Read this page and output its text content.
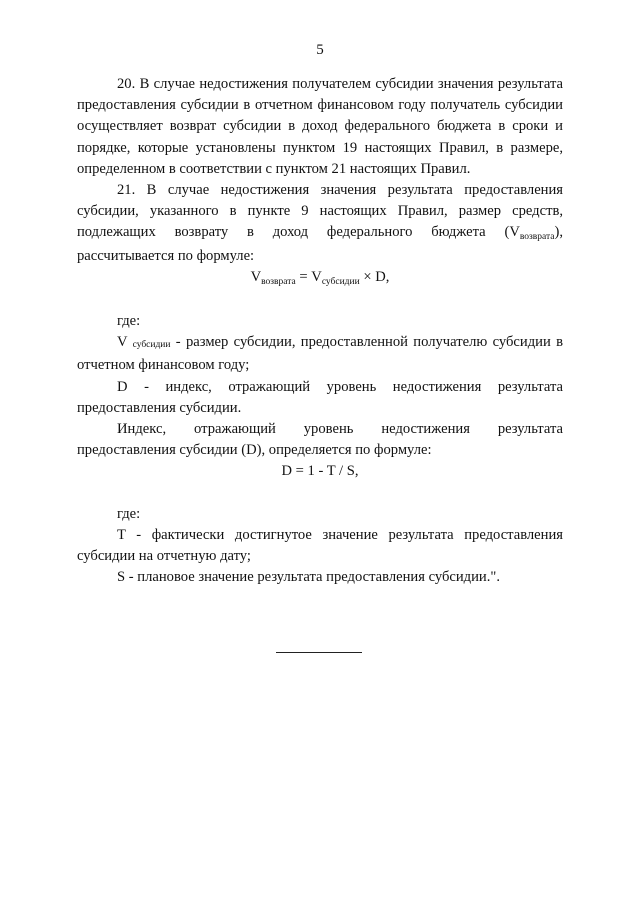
5

20. В случае недостижения получателем субсидии значения результата предоставления субсидии в отчетном финансовом году получатель субсидии осуществляет возврат субсидии в доход федерального бюджета в сроки и порядке, которые установлены пунктом 19 настоящих Правил, в размере, определенном в соответствии с пунктом 21 настоящих Правил.

21. В случае недостижения значения результата предоставления субсидии, указанного в пункте 9 настоящих Правил, размер средств, подлежащих возврату в доход федерального бюджета $(V_{возврата})$, рассчитывается по формуле:

$V_{возврата} = V_{субсидии} \times D$,

где:

V субсидии - размер субсидии, предоставленной получателю субсидии в отчетном финансовом году;

D - индекс, отражающий уровень недостижения результата предоставления субсидии.

Индекс, отражающий уровень недостижения результата предоставления субсидии (D), определяется по формуле:

D = 1 - T / S,

где:

T - фактически достигнутое значение результата предоставления субсидии на отчетную дату;

S - плановое значение результата предоставления субсидии.".
